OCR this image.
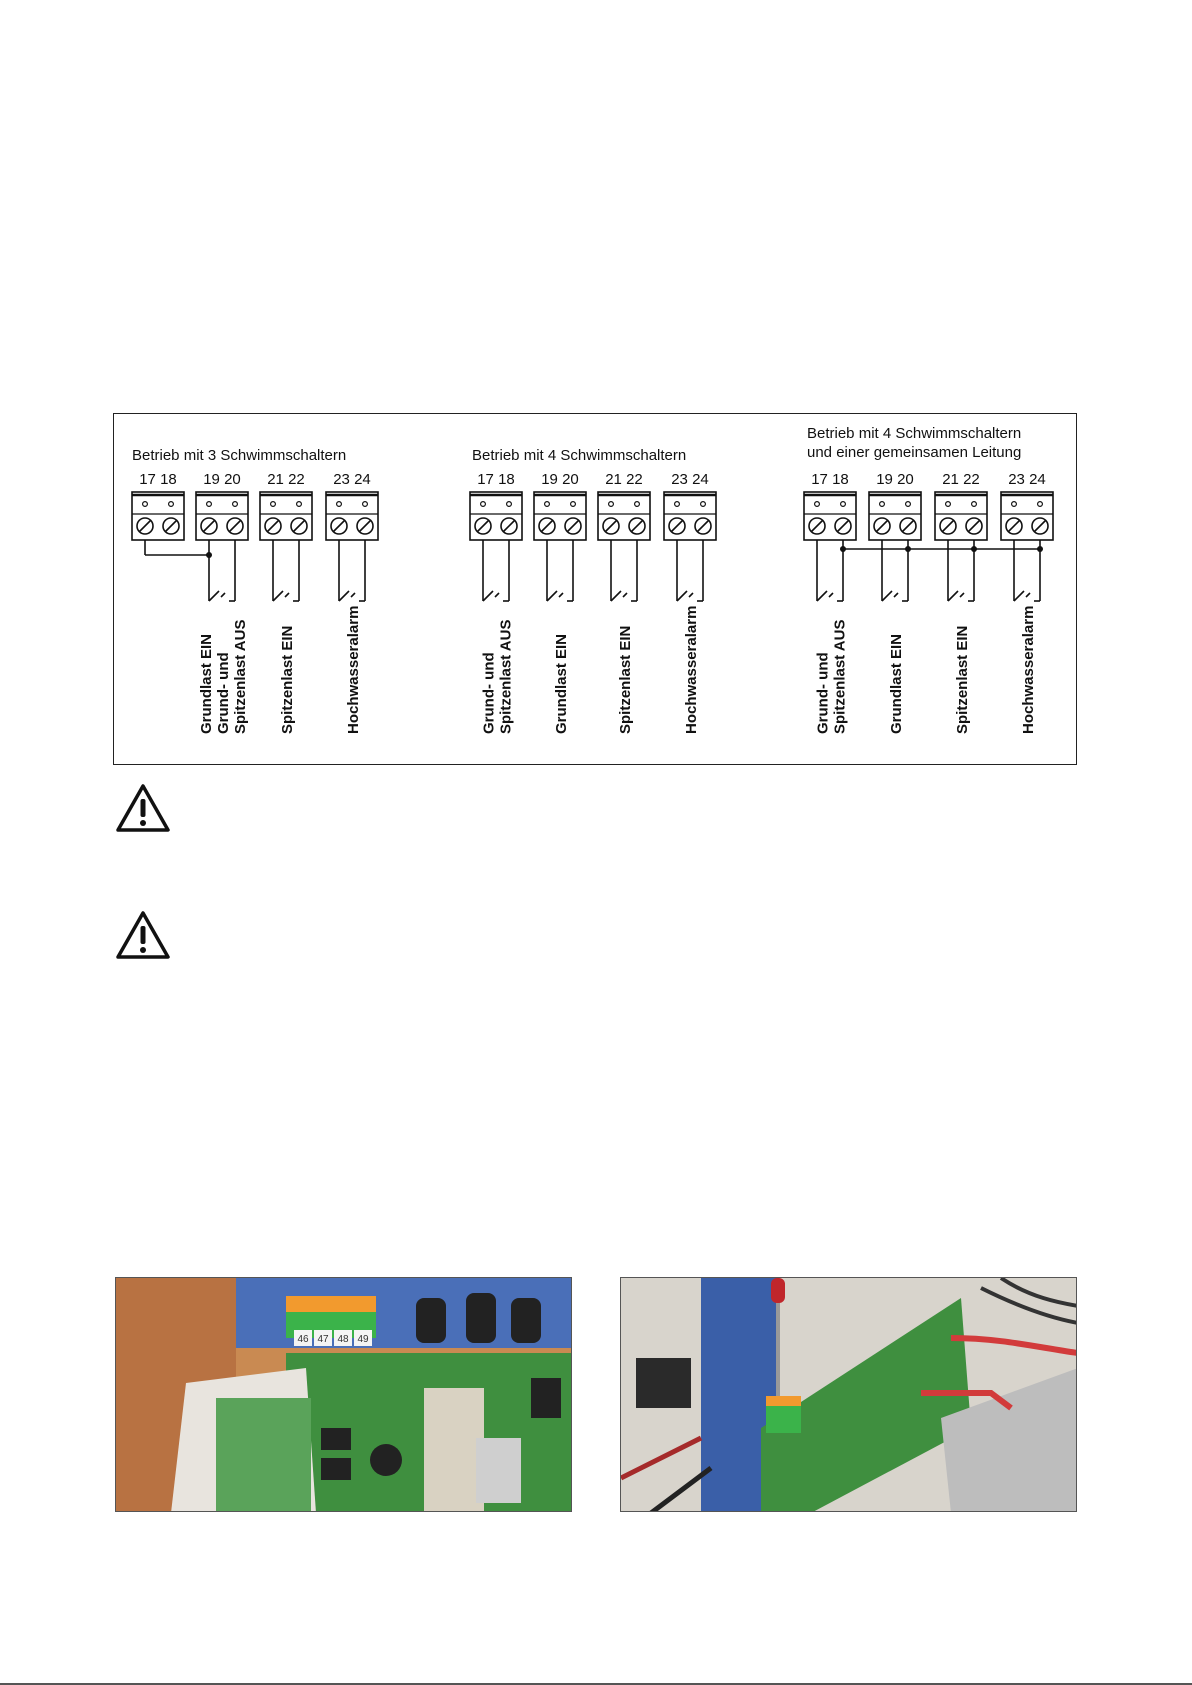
Betrieb mit 3 Schwimmschaltern
17 18 19 20
Grundlast EIN Grund- und Spitzenlast AUS
21 22
Spitzenlast EIN
23 24
Hochwasseralarm
Betrieb mit 4 Schwimmschaltern
17 18
Grund- und Spitzenlast AUS
19 20
Grundlast EIN
21 22
Spitzenlast EIN
23 24
Hochwasseralarm
Betrieb mit 4 Schwimmschaltern
und einer gemeinsamen Leitung
17 18
Grund- und Spitzenlast AUS
19 20
Grundlast EIN
21 22
Spitzenlast EIN
23 24
Hochwasseralarm
46 47 48 49
